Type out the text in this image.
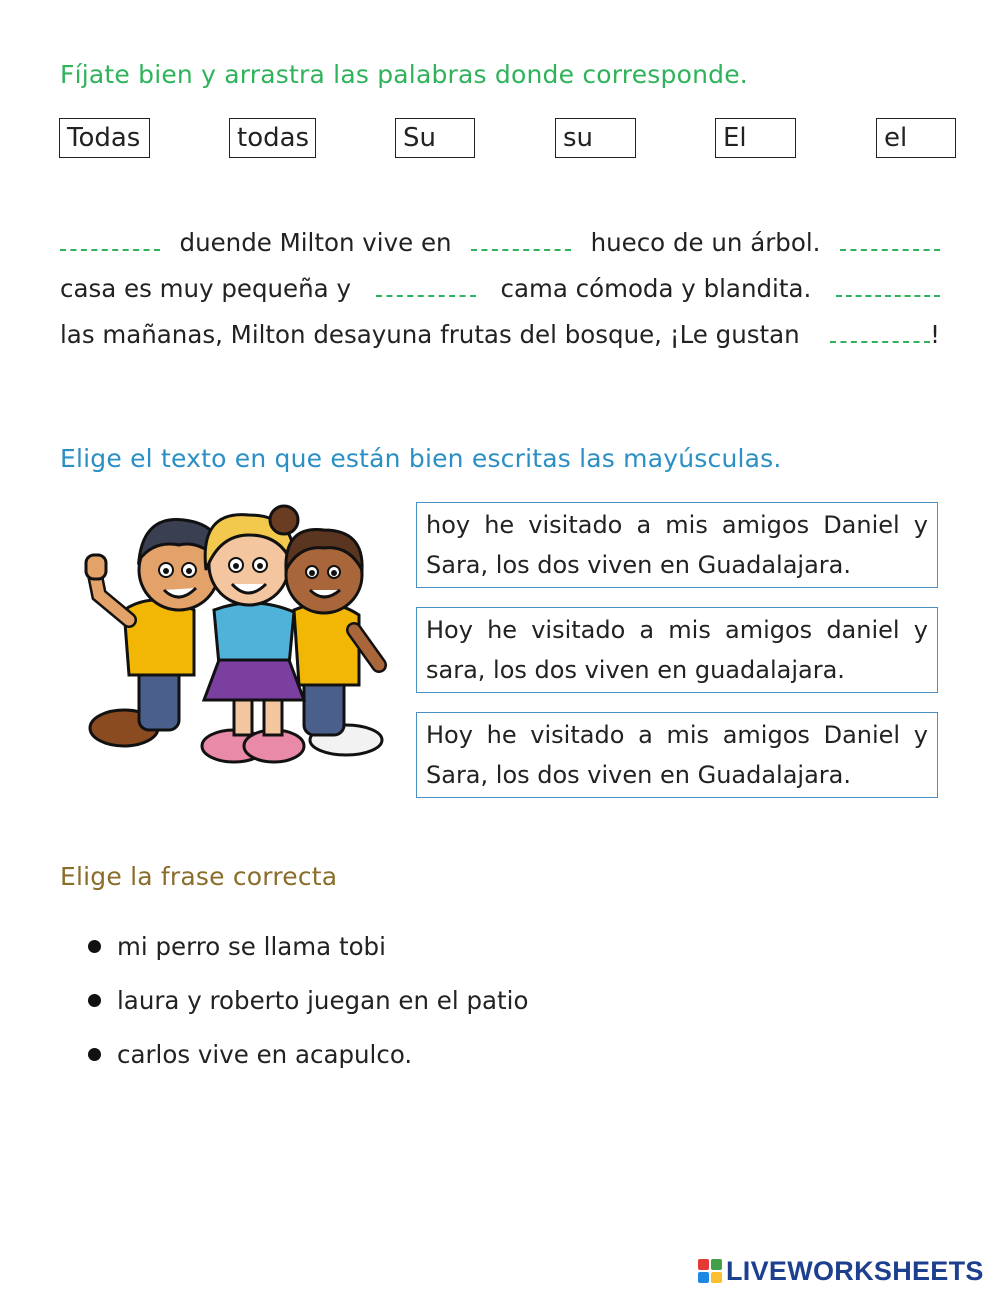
Fíjate bien y arrastra las palabras donde corresponde.
Todas	todas	Su	su	El	el
duende Milton vive en	hueco de un árbol.
casa es muy pequeña y	cama cómoda y blandita.
las mañanas, Milton desayuna frutas del bosque, ¡Le gustan	!
Elige el texto en que están bien escritas las mayúsculas.
hoy he visitado a mis amigos Daniel y
Sara, los dos viven en Guadalajara.
Hoy he visitado a mis amigos daniel y
sara, los dos viven en guadalajara.
Hoy he visitado a mis amigos Daniel y
Sara, los dos viven en Guadalajara.
Elige la frase correcta
mi perro se llama tobi
laura y roberto juegan en el patio
carlos vive en acapulco.
LIVEWORKSHEETS
